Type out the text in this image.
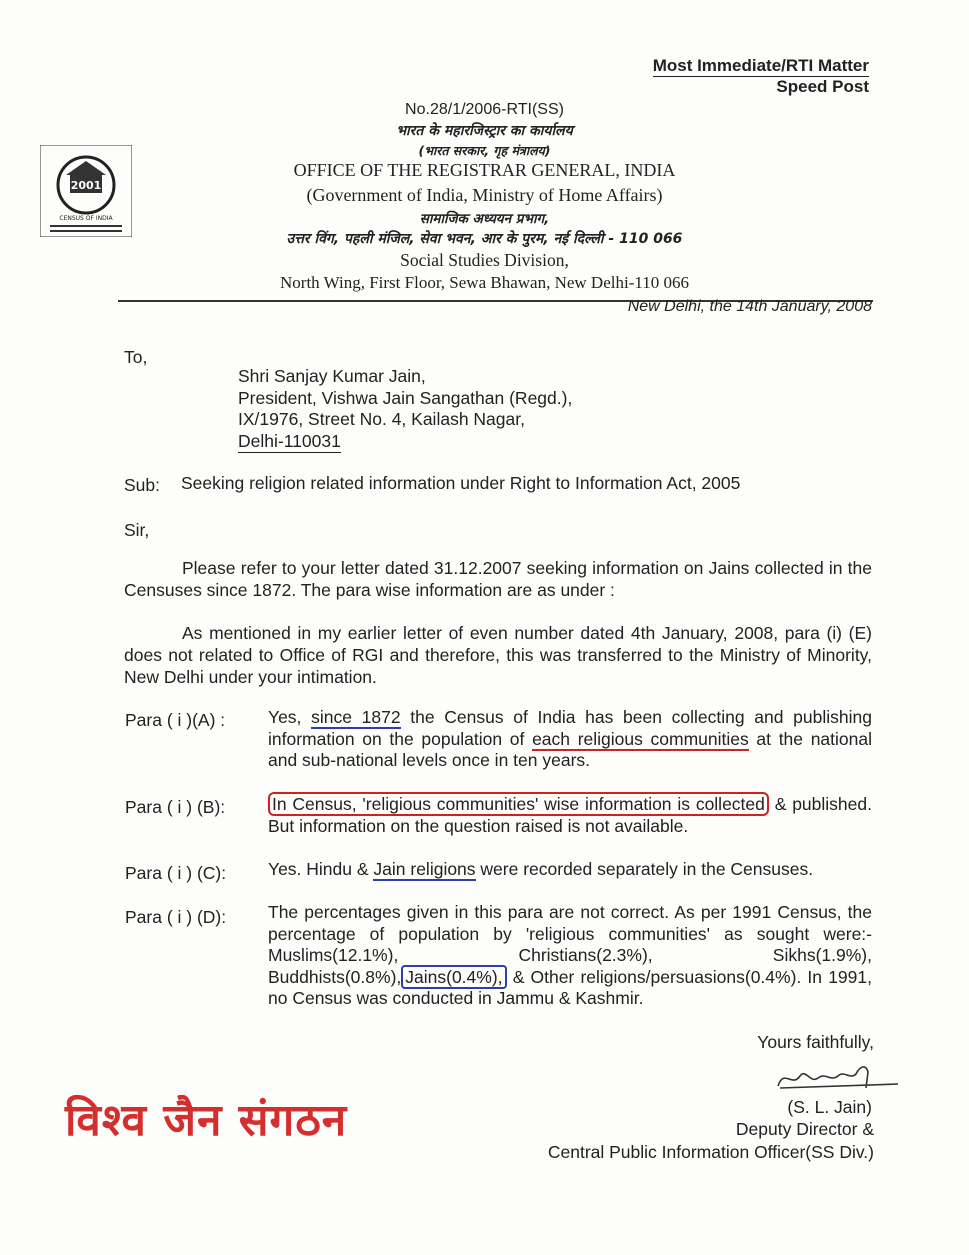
Most Immediate/RTI Matter
Speed Post
2001
CENSUS OF INDIA
No.28/1/2006-RTI(SS)
भारत के महारजिस्ट्रार का कार्यालय
(भारत सरकार, गृह मंत्रालय)
OFFICE OF THE REGISTRAR GENERAL, INDIA
(Government of India, Ministry of Home Affairs)
सामाजिक अध्ययन प्रभाग,
उत्तर विंग, पहली मंजिल, सेवा भवन, आर के पुरम, नई दिल्ली - 110 066
Social Studies Division,
North Wing, First Floor, Sewa Bhawan, New Delhi-110 066
New Delhi, the 14th January, 2008
To,
Shri Sanjay Kumar Jain,
President, Vishwa Jain Sangathan (Regd.),
IX/1976, Street No. 4, Kailash Nagar,
Delhi-110031
Sub: Seeking religion related information under Right to Information Act, 2005
Sir,
Please refer to your letter dated 31.12.2007 seeking information on Jains collected in the Censuses since 1872. The para wise information are as under :
As mentioned in my earlier letter of even number dated 4th January, 2008, para (i) (E) does not related to Office of RGI and therefore, this was transferred to the Ministry of Minority, New Delhi under your intimation.
Para ( i )(A) : Yes, since 1872 the Census of India has been collecting and publishing information on the population of each religious communities at the national and sub-national levels once in ten years.
Para ( i ) (B):	In Census, 'religious communities' wise information is collected & published. But information on the question raised is not available.
Para ( i ) (C): Yes. Hindu & Jain religions were recorded separately in the Censuses.
Para ( i ) (D): The percentages given in this para are not correct. As per 1991 Census, the percentage of population by 'religious communities' as sought were:- Muslims(12.1%), Christians(2.3%), Sikhs(1.9%), Buddhists(0.8%), Jains(0.4%), & Other religions/persuasions(0.4%). In 1991, no Census was conducted in Jammu & Kashmir.
Yours faithfully,
(S. L. Jain)
Deputy Director &
Central Public Information Officer(SS Div.)
विश्व जैन संगठन
